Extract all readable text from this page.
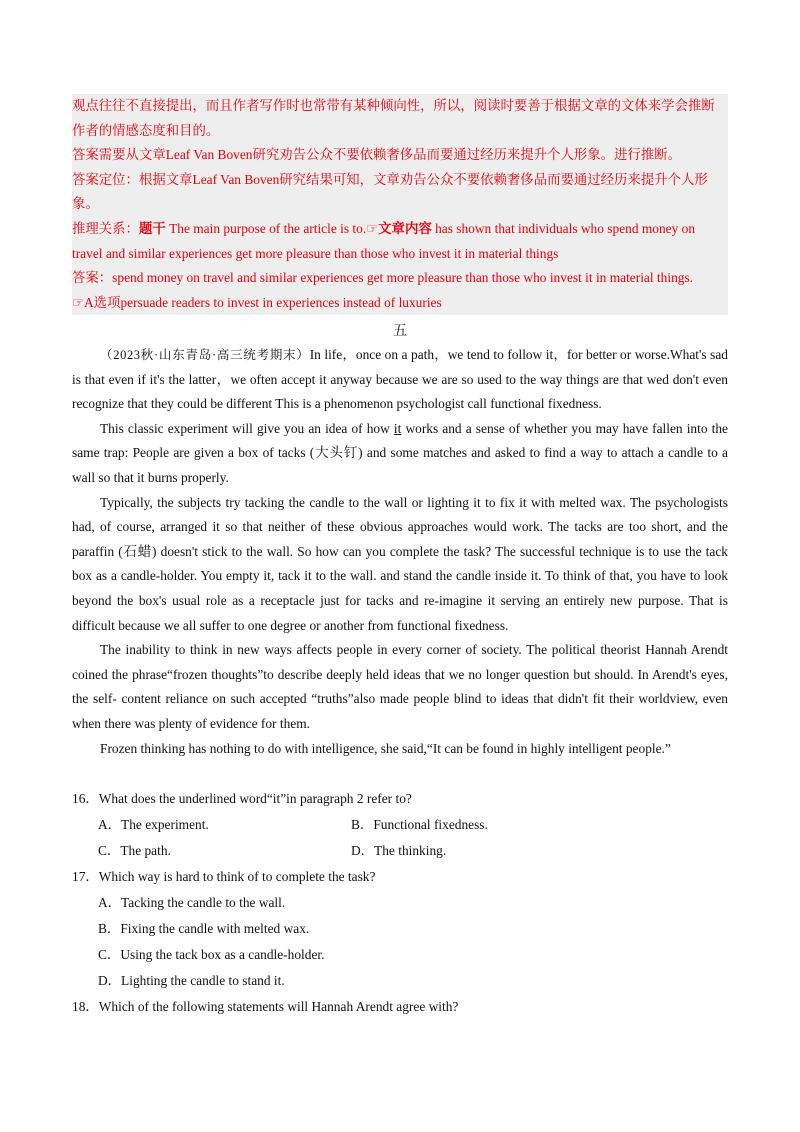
观点往往不直接提出，而且作者写作时也常带有某种倾向性，所以，阅读时要善于根据文章的文体来学会推断作者的情感态度和目的。

答案需要从文章Leaf Van Boven研究劝告公众不要依赖奢侈品而要通过经历来提升个人形象。进行推断。

答案定位：根据文章Leaf Van Boven研究结果可知，文章劝告公众不要依赖奢侈品而要通过经历来提升个人形象。

推理关系：题干 The main purpose of the article is to.☞文章内容 has shown that individuals who spend money on travel and similar experiences get more pleasure than those who invest it in material things

答案：spend money on travel and similar experiences get more pleasure than those who invest it in material things.

☞A选项persuade readers to invest in experiences instead of luxuries

五

（2023秋·山东青岛·高三统考期末）In life，once on a path，we tend to follow it，for better or worse.What's sad is that even if it's the latter，we often accept it anyway because we are so used to the way things are that wed don't even recognize that they could be different This is a phenomenon psychologist call functional fixedness.

This classic experiment will give you an idea of how it works and a sense of whether you may have fallen into the same trap: People are given a box of tacks (大头钉) and some matches and asked to find a way to attach a candle to a wall so that it burns properly.

Typically, the subjects try tacking the candle to the wall or lighting it to fix it with melted wax. The psychologists had, of course, arranged it so that neither of these obvious approaches would work. The tacks are too short, and the paraffin (石蜡) doesn't stick to the wall. So how can you complete the task? The successful technique is to use the tack box as a candle-holder. You empty it, tack it to the wall. and stand the candle inside it. To think of that, you have to look beyond the box's usual role as a receptacle just for tacks and re-imagine it serving an entirely new purpose. That is difficult because we all suffer to one degree or another from functional fixedness.

The inability to think in new ways affects people in every corner of society. The political theorist Hannah Arendt coined the phrase“frozen thoughts”to describe deeply held ideas that we no longer question but should. In Arendt's eyes, the self- content reliance on such accepted “truths”also made people blind to ideas that didn't fit their worldview, even when there was plenty of evidence for them.

Frozen thinking has nothing to do with intelligence, she said,“It can be found in highly intelligent people.”

16．What does the underlined word“it”in paragraph 2 refer to?

A．The experiment.	B．Functional fixedness.
C．The path.	D．The thinking.

17．Which way is hard to think of to complete the task?

A．Tacking the candle to the wall.

B．Fixing the candle with melted wax.

C．Using the tack box as a candle-holder.

D．Lighting the candle to stand it.

18．Which of the following statements will Hannah Arendt agree with?
